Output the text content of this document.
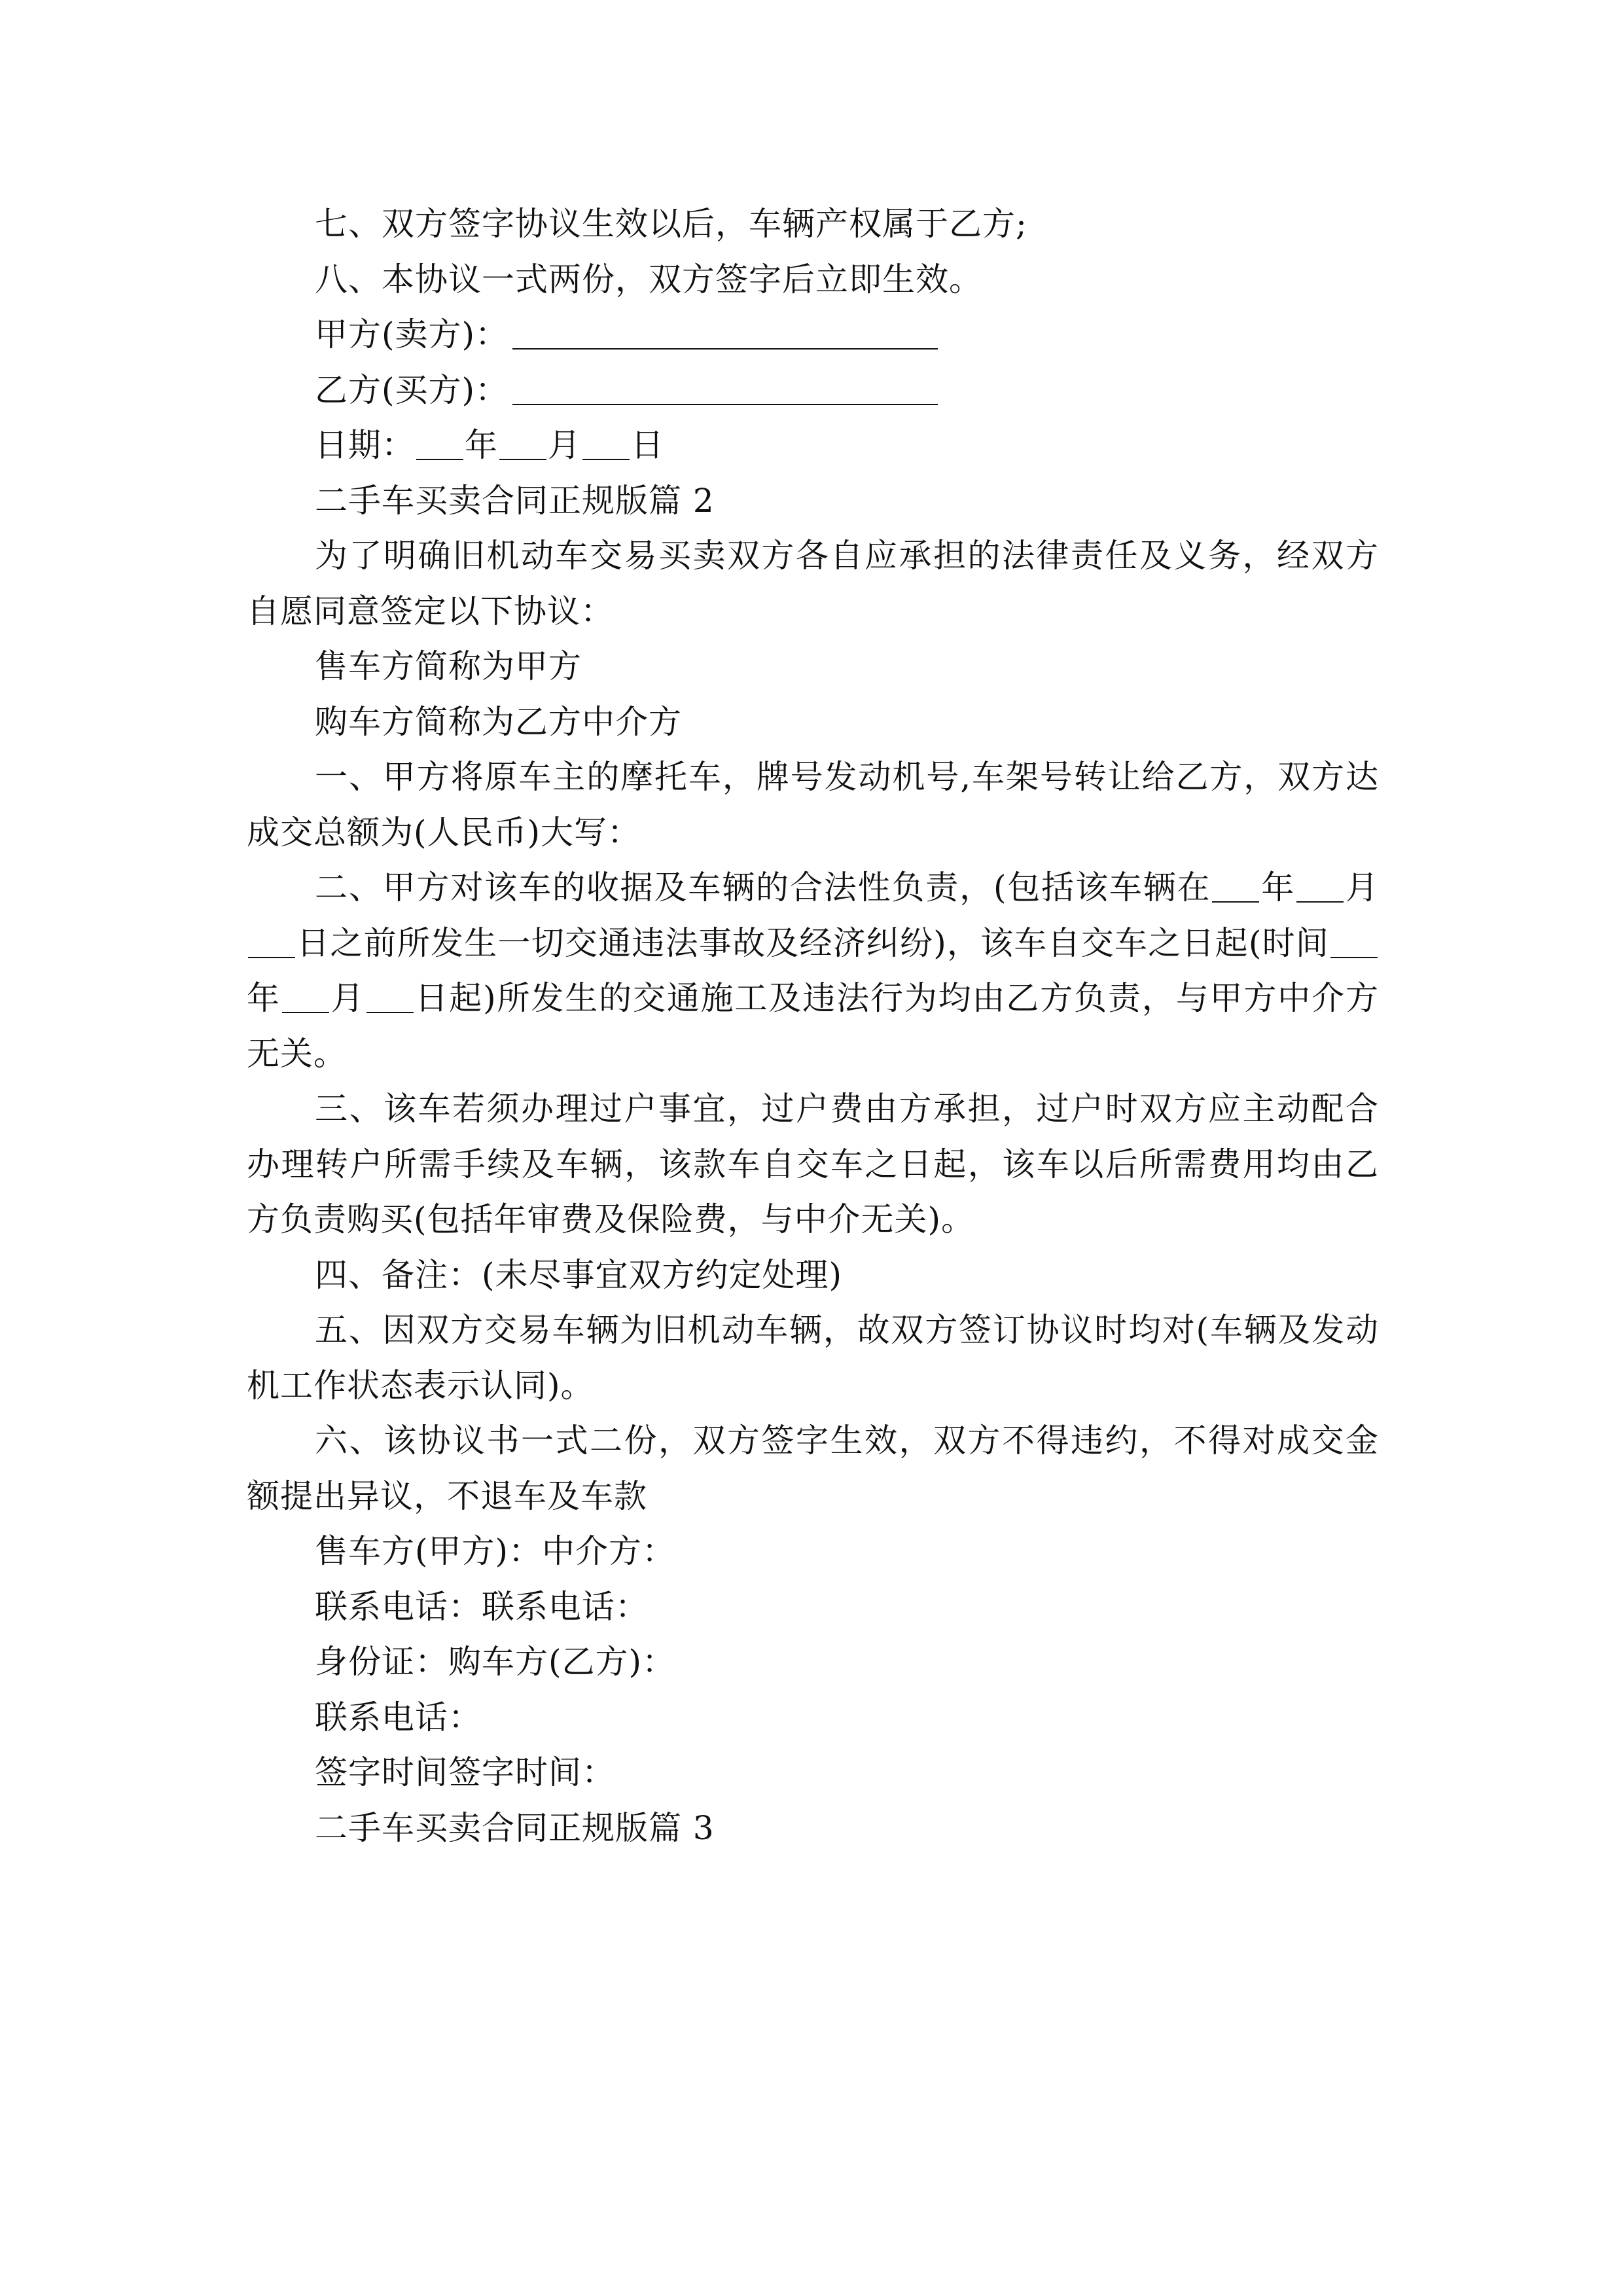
七、双方签字协议生效以后，车辆产权属于乙方;

八、本协议一式两份，双方签字后立即生效。

甲方(卖方)：

乙方(买方)：

日期： 年 月 日

二手车买卖合同正规版篇 2

为了明确旧机动车交易买卖双方各自应承担的法律责任及义务，经双方自愿同意签定以下协议：

售车方简称为甲方

购车方简称为乙方中介方

一、甲方将原车主的摩托车，牌号发动机号,车架号转让给乙方，双方达成交总额为(人民币)大写：

二、甲方对该车的收据及车辆的合法性负责，(包括该车辆在 年 月日之前所发生一切交通违法事故及经济纠纷)，该车自交车之日起(时间年 月 日起)所发生的交通施工及违法行为均由乙方负责，与甲方中介方无关。

三、该车若须办理过户事宜，过户费由方承担，过户时双方应主动配合办理转户所需手续及车辆，该款车自交车之日起，该车以后所需费用均由乙方负责购买(包括年审费及保险费，与中介无关)。

四、备注：(未尽事宜双方约定处理)

五、因双方交易车辆为旧机动车辆，故双方签订协议时均对(车辆及发动机工作状态表示认同)。

六、该协议书一式二份，双方签字生效，双方不得违约，不得对成交金额提出异议，不退车及车款

售车方(甲方)：中介方：

联系电话：联系电话：

身份证：购车方(乙方)：

联系电话：

签字时间签字时间：

二手车买卖合同正规版篇 3
